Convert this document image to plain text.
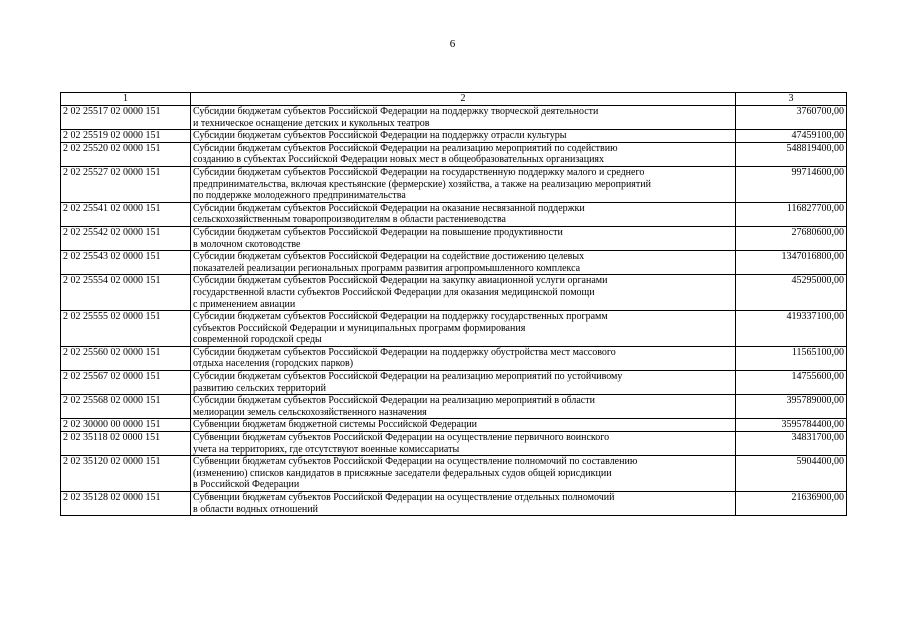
6
1	2	3
2 02 25517 02 0000 151	Субсидии бюджетам субъектов Российской Федерации на поддержку творческой деятельности
и техническое оснащение детских и кукольных театров	3760700,00
2 02 25519 02 0000 151	Субсидии бюджетам субъектов Российской Федерации на поддержку отрасли культуры	47459100,00
2 02 25520 02 0000 151	Субсидии бюджетам субъектов Российской Федерации на реализацию мероприятий по содействию
созданию в субъектах Российской Федерации новых мест в общеобразовательных организациях	548819400,00
2 02 25527 02 0000 151	Субсидии бюджетам субъектов Российской Федерации на государственную поддержку малого и среднего
предпринимательства, включая крестьянские (фермерские) хозяйства, а также на реализацию мероприятий
по поддержке молодежного предпринимательства	99714600,00
2 02 25541 02 0000 151	Субсидии бюджетам субъектов Российской Федерации на оказание несвязанной поддержки
сельскохозяйственным товаропроизводителям в области растениеводства	116827700,00
2 02 25542 02 0000 151	Субсидии бюджетам субъектов Российской Федерации на повышение продуктивности
в молочном скотоводстве	27680600,00
2 02 25543 02 0000 151	Субсидии бюджетам субъектов Российской Федерации на содействие достижению целевых
показателей реализации региональных программ развития агропромышленного комплекса	1347016800,00
2 02 25554 02 0000 151	Субсидии бюджетам субъектов Российской Федерации на закупку авиационной услуги органами
государственной власти субъектов Российской Федерации для оказания медицинской помощи
с применением авиации	45295000,00
2 02 25555 02 0000 151	Субсидии бюджетам субъектов Российской Федерации на поддержку государственных программ
субъектов Российской Федерации и муниципальных программ формирования
современной городской среды	419337100,00
2 02 25560 02 0000 151	Субсидии бюджетам субъектов Российской Федерации на поддержку обустройства мест массового
отдыха населения (городских парков)	11565100,00
2 02 25567 02 0000 151	Субсидии бюджетам субъектов Российской Федерации на реализацию мероприятий по устойчивому
развитию сельских территорий	14755600,00
2 02 25568 02 0000 151	Субсидии бюджетам субъектов Российской Федерации на реализацию мероприятий в области
мелиорации земель сельскохозяйственного назначения	395789000,00
2 02 30000 00 0000 151	Субвенции бюджетам бюджетной системы Российской Федерации	3595784400,00
2 02 35118 02 0000 151	Субвенции бюджетам субъектов Российской Федерации на осуществление первичного воинского
учета на территориях, где отсутствуют военные комиссариаты	34831700,00
2 02 35120 02 0000 151	Субвенции бюджетам субъектов Российской Федерации на осуществление полномочий по составлению
(изменению) списков кандидатов в присяжные заседатели федеральных судов общей юрисдикции
в Российской Федерации	5904400,00
2 02 35128 02 0000 151	Субвенции бюджетам субъектов Российской Федерации на осуществление отдельных полномочий
в области водных отношений	21636900,00
